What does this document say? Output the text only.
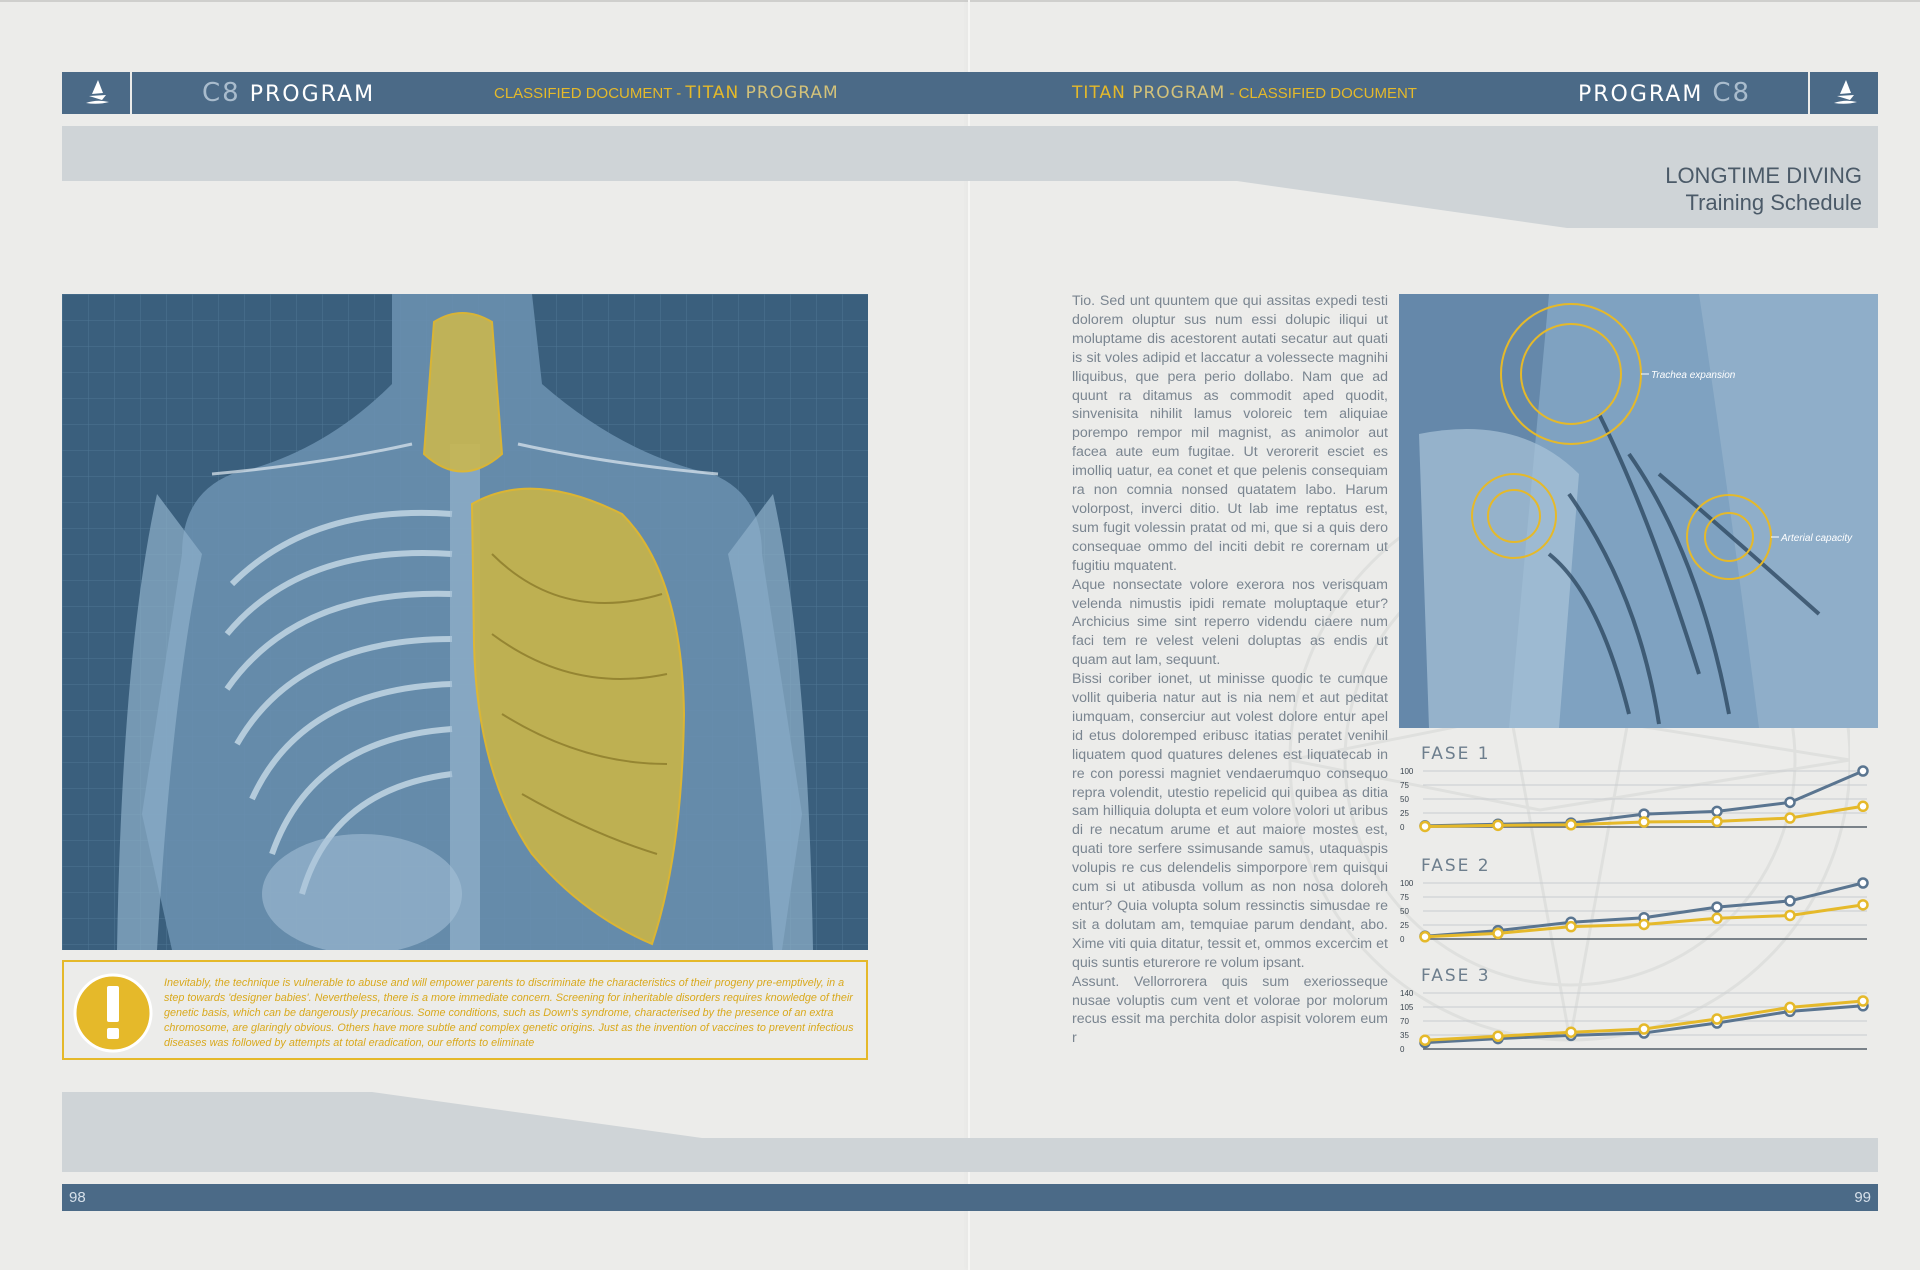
C8 PROGRAM	CLASSIFIED DOCUMENT - TITAN PROGRAM	TITAN PROGRAM - CLASSIFIED DOCUMENT	PROGRAM C8
LONGTIME DIVING
Training Schedule

Inevitably, the technique is vulnerable to abuse and will empower parents to discriminate the characteristics of their progeny pre-emptively, in a step towards 'designer babies'. Nevertheless, there is a more immediate concern. Screening for inheritable disorders requires knowledge of their genetic basis, which can be dangerously precarious. Some conditions, such as Down's syndrome, characterised by the presence of an extra chromosome, are glaringly obvious. Others have more subtle and complex genetic origins. Just as the invention of vaccines to prevent infectious diseases was followed by attempts at total eradication, our efforts to eliminate

Tio. Sed unt quuntem que qui assitas expedi testi dolorem oluptur sus num essi dolupic iliqui ut moluptame dis acestorent autati secatur aut quati is sit voles adipid et laccatur a volessecte magnihi lliquibus, que pera perio dollabo. Nam que ad quunt ra ditamus as commodit aped quodit, sinvenisita nihilit lamus voloreic tem aliquiae porempo rempor mil magnist, as animolor aut facea aute eum fugitae. Ut verorerit esciet es imolliq uatur, ea conet et que pelenis consequiam ra non comnia nonsed quatatem labo. Harum volorpost, inverci ditio. Ut lab ime reptatus est, sum fugit volessin pratat od mi, que si a quis dero consequae ommo del inciti debit re corernam ut fugitiu mquatent.

Aque nonsectate volore exerora nos verisquam velenda nimustis ipidi remate moluptaque etur? Archicius sime sint reperro videndu ciaere num faci tem re velest veleni doluptas as endis ut quam aut lam, sequunt.

Bissi coriber ionet, ut minisse quodic te cumque vollit quiberia natur aut is nia nem et aut peditat iumquam, conserciur aut volest dolore entur apel id etus doloremped eribusc itatias peratet venihil liquatem quod quatures delenes est liquatecab in re con poressi magniet vendaerumquo consequo repra volendit, utestio repelicid qui quibea as ditia sam hilliquia dolupta et eum volore volori ut aribus di re necatum arume et aut maiore mostes est, quati tore serfere ssimusande samus, utaquaspis volupis re cus delendelis simporpore rem quisqui cum si ut atibusda vollum as non nosa doloreh entur? Quia volupta solum ressinctis simusdae re sit a dolutam am, temquiae parum dendant, abo. Xime viti quia ditatur, tessit et, ommos excercim et quis suntis eturerore re volum ipsant.

Assunt. Vellorrorera quis sum exeriosseque nusae voluptis cum vent et volorae por molorum recus essit ma perchita dolor aspisit volorem eum r

Trachea expansion
Arterial capacity
FASE 1
100
75
50
25
0
FASE 2
100
75
50
25
0
FASE 3
140
105
70
35
0
98	99
